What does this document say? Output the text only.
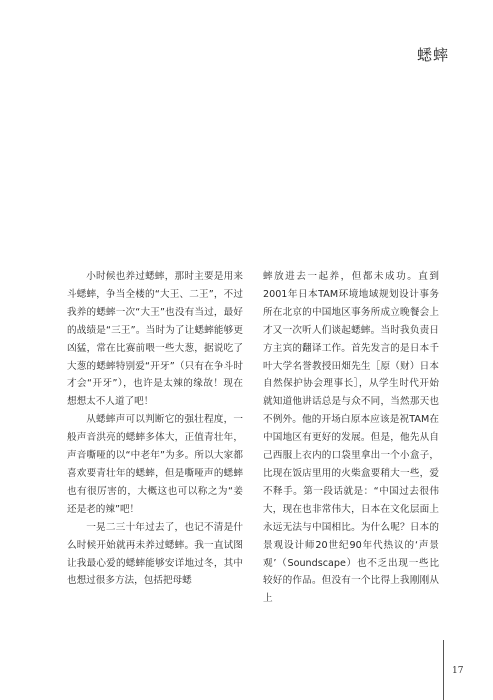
蟋蟀

小时候也养过蟋蟀，那时主要是用来斗蟋蟀，争当全楼的“大王、二王”，不过我养的蟋蟀一次“大王”也没有当过，最好的战绩是“三王”。当时为了让蟋蟀能够更凶猛，常在比赛前喂一些大葱，据说吃了大葱的蟋蟀特别爱“开牙”（只有在争斗时才会“开牙”），也许是太辣的缘故！现在想想太不人道了吧！

从蟋蟀声可以判断它的强壮程度，一般声音洪亮的蟋蟀多体大，正值青壮年，声音嘶哑的以“中老年”为多。所以大家都喜欢要青壮年的蟋蟀，但是嘶哑声的蟋蟀也有很厉害的，大概这也可以称之为“姜还是老的辣”吧！

一晃二三十年过去了，也记不清是什么时候开始就再未养过蟋蟀。我一直试图让我最心爱的蟋蟀能够安详地过冬，其中也想过很多方法，包括把母蟋

蟀放进去一起养，但都未成功。直到2001年日本TAM环境地域规划设计事务所在北京的中国地区事务所成立晚餐会上才又一次听人们谈起蟋蟀。当时我负责日方主宾的翻译工作。首先发言的是日本千叶大学名誉教授田畑先生［原（财）日本自然保护协会理事长］，从学生时代开始就知道他讲话总是与众不同，当然那天也不例外。他的开场白原本应该是祝TAM在中国地区有更好的发展。但是，他先从自己西服上衣内的口袋里拿出一个小盒子，比现在饭店里用的火柴盒要稍大一些，爱不释手。第一段话就是：“中国过去很伟大，现在也非常伟大，日本在文化层面上永远无法与中国相比。为什么呢？日本的景观设计师20世纪90年代热议的‘声景观’（Soundscape）也不乏出现一些比较好的作品。但没有一个比得上我刚刚从上

17
